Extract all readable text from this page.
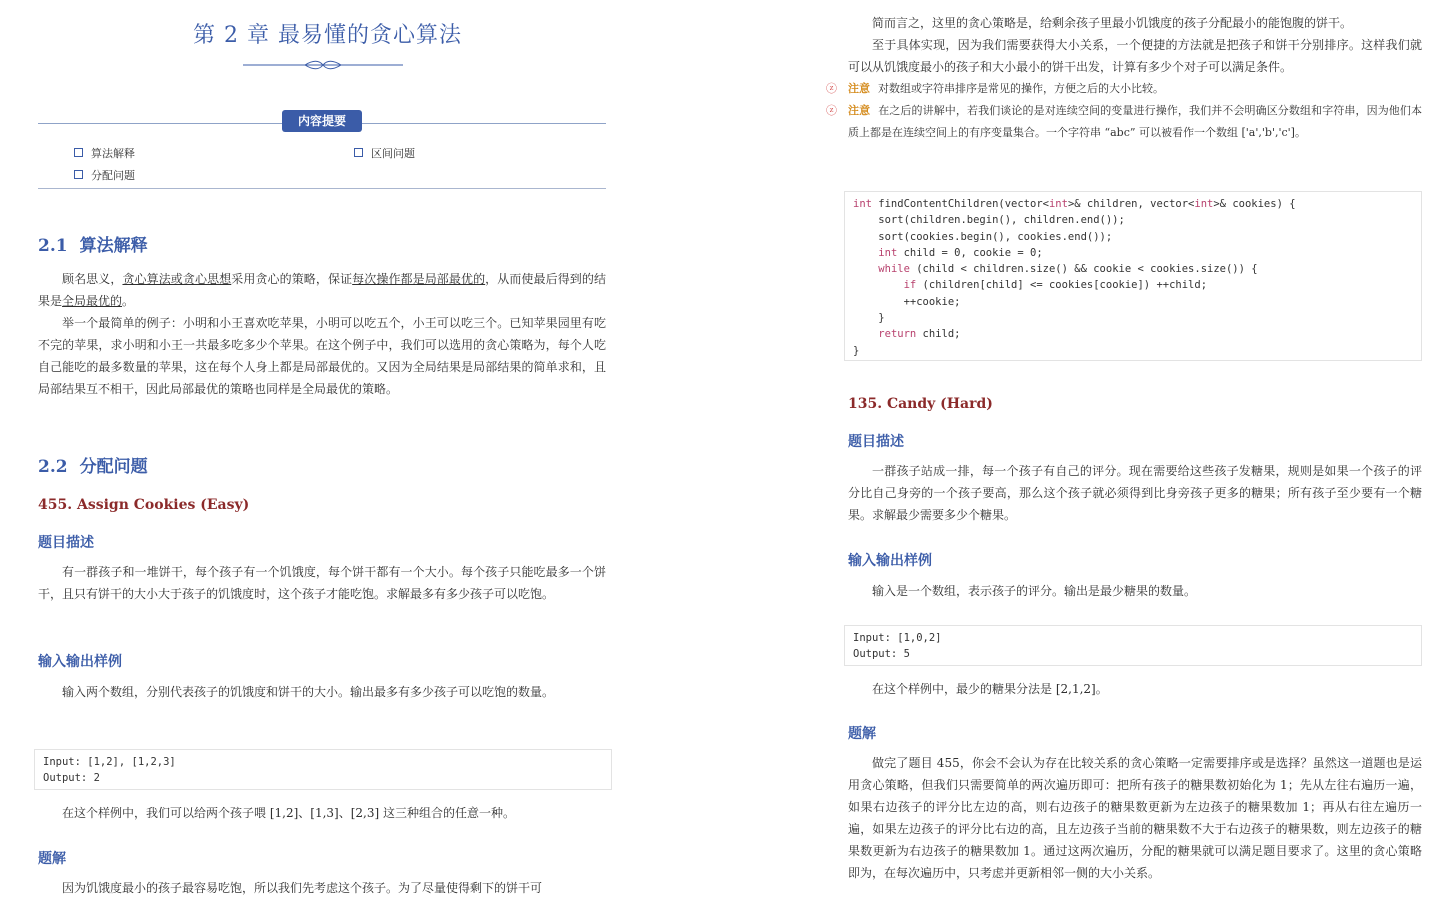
第 2 章 最易懂的贪心算法
内容提要
算法解释	区间问题
分配问题
2.1 算法解释
顾名思义，贪心算法或贪心思想采用贪心的策略，保证每次操作都是局部最优的，从而使最后得到的结果是全局最优的。
举一个最简单的例子：小明和小王喜欢吃苹果，小明可以吃五个，小王可以吃三个。已知苹果园里有吃不完的苹果，求小明和小王一共最多吃多少个苹果。在这个例子中，我们可以选用的贪心策略为，每个人吃自己能吃的最多数量的苹果，这在每个人身上都是局部最优的。又因为全局结果是局部结果的简单求和，且局部结果互不相干，因此局部最优的策略也同样是全局最优的策略。
2.2 分配问题
455. Assign Cookies (Easy)
题目描述
有一群孩子和一堆饼干，每个孩子有一个饥饿度，每个饼干都有一个大小。每个孩子只能吃最多一个饼干，且只有饼干的大小大于孩子的饥饿度时，这个孩子才能吃饱。求解最多有多少孩子可以吃饱。
输入输出样例
输入两个数组，分别代表孩子的饥饿度和饼干的大小。输出最多有多少孩子可以吃饱的数量。
Input: [1,2], [1,2,3]
Output: 2
在这个样例中，我们可以给两个孩子喂 [1,2]、[1,3]、[2,3] 这三种组合的任意一种。
题解
因为饥饿度最小的孩子最容易吃饱，所以我们先考虑这个孩子。为了尽量使得剩下的饼干可
简而言之，这里的贪心策略是，给剩余孩子里最小饥饿度的孩子分配最小的能饱腹的饼干。
至于具体实现，因为我们需要获得大小关系，一个便捷的方法就是把孩子和饼干分别排序。这样我们就可以从饥饿度最小的孩子和大小最小的饼干出发，计算有多少个对子可以满足条件。
ⓩ 注意 对数组或字符串排序是常见的操作，方便之后的大小比较。
ⓩ 注意 在之后的讲解中，若我们谈论的是对连续空间的变量进行操作，我们并不会明确区分数组和字符串，因为他们本质上都是在连续空间上的有序变量集合。一个字符串 “abc” 可以被看作一个数组 ['a','b','c']。
int findContentChildren(vector<int>& children, vector<int>& cookies) {
sort(children.begin(), children.end());
sort(cookies.begin(), cookies.end());
int child = 0, cookie = 0;
while (child < children.size() && cookie < cookies.size()) {
if (children[child] <= cookies[cookie]) ++child;
++cookie;
}
return child;
}
135. Candy (Hard)
题目描述
一群孩子站成一排，每一个孩子有自己的评分。现在需要给这些孩子发糖果，规则是如果一个孩子的评分比自己身旁的一个孩子要高，那么这个孩子就必须得到比身旁孩子更多的糖果；所有孩子至少要有一个糖果。求解最少需要多少个糖果。
输入输出样例
输入是一个数组，表示孩子的评分。输出是最少糖果的数量。
Input: [1,0,2]
Output: 5
在这个样例中，最少的糖果分法是 [2,1,2]。
题解
做完了题目 455，你会不会认为存在比较关系的贪心策略一定需要排序或是选择？虽然这一道题也是运用贪心策略，但我们只需要简单的两次遍历即可：把所有孩子的糖果数初始化为 1；先从左往右遍历一遍，如果右边孩子的评分比左边的高，则右边孩子的糖果数更新为左边孩子的糖果数加 1；再从右往左遍历一遍，如果左边孩子的评分比右边的高，且左边孩子当前的糖果数不大于右边孩子的糖果数，则左边孩子的糖果数更新为右边孩子的糖果数加 1。通过这两次遍历，分配的糖果就可以满足题目要求了。这里的贪心策略即为，在每次遍历中，只考虑并更新相邻一侧的大小关系。
